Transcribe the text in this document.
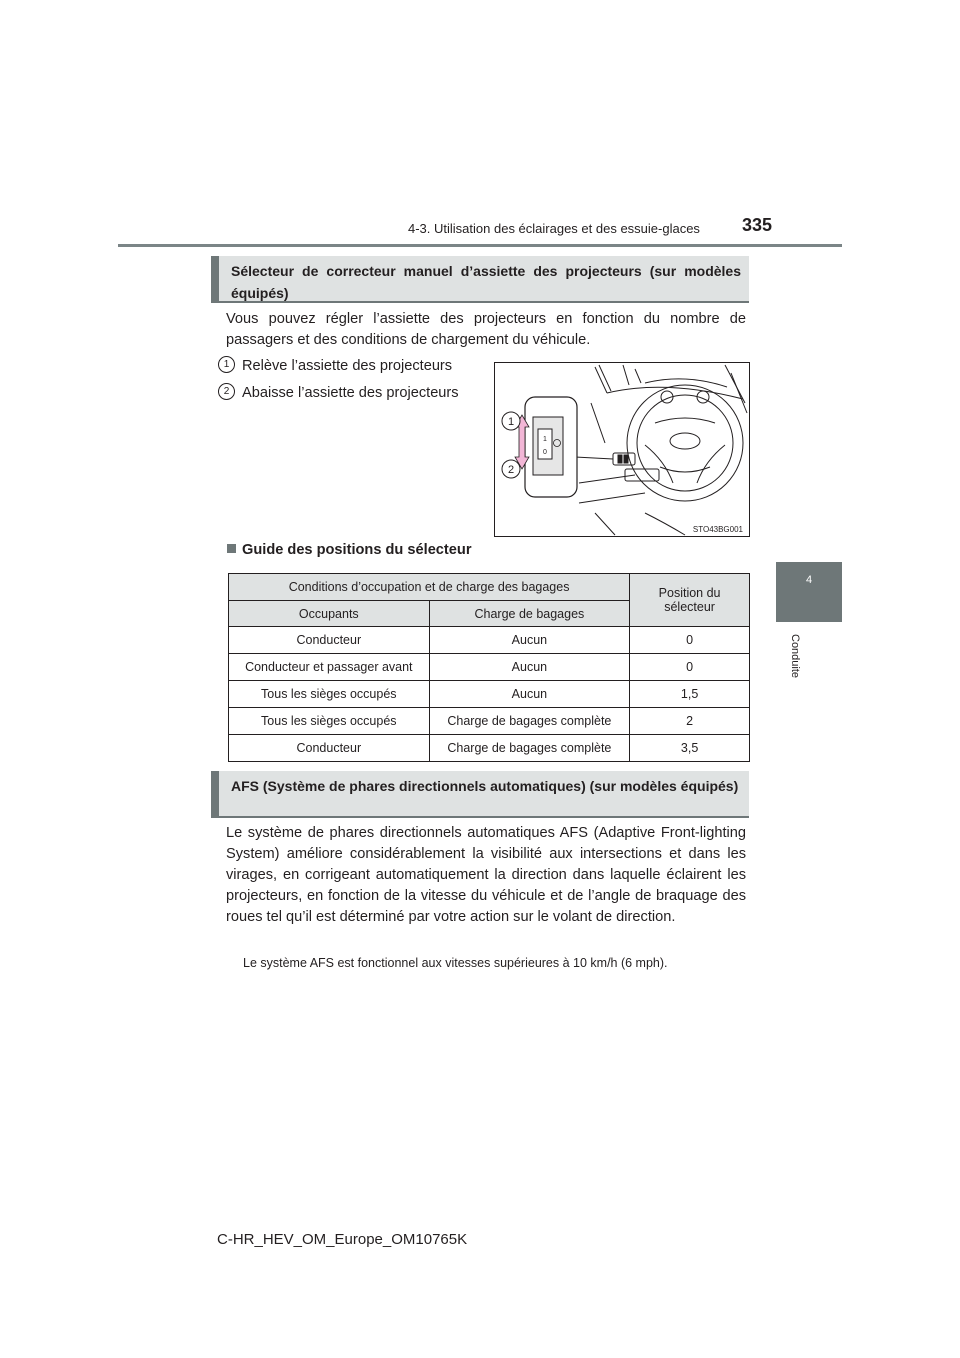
4-3. Utilisation des éclairages et des essuie-glaces 335
4
Conduite
Sélecteur de correcteur manuel d’assiette des projecteurs (sur modèles équipés)
Vous pouvez régler l’assiette des projecteurs en fonction du nombre de passagers et des conditions de chargement du véhicule.
1 Relève l’assiette des projecteurs
2 Abaisse l’assiette des projecteurs
1
0
1
2
STO43BG001
Guide des positions du sélecteur
Conditions d’occupation et de charge des bagages		Position du sélecteur
Occupants	Charge de bagages	
Conducteur	Aucun	0
Conducteur et passager avant	Aucun	0
Tous les sièges occupés	Aucun	1,5
Tous les sièges occupés	Charge de bagages complète	2
Conducteur	Charge de bagages complète	3,5
AFS (Système de phares directionnels automatiques) (sur modèles équipés)
Le système de phares directionnels automatiques AFS (Adaptive Front-lighting System) améliore considérablement la visibilité aux intersections et dans les virages, en corrigeant automatiquement la direction dans laquelle éclairent les projecteurs, en fonction de la vitesse du véhicule et de l’angle de braquage des roues tel qu’il est déterminé par votre action sur le volant de direction.
Le système AFS est fonctionnel aux vitesses supérieures à 10 km/h (6 mph).
C-HR_HEV_OM_Europe_OM10765K
